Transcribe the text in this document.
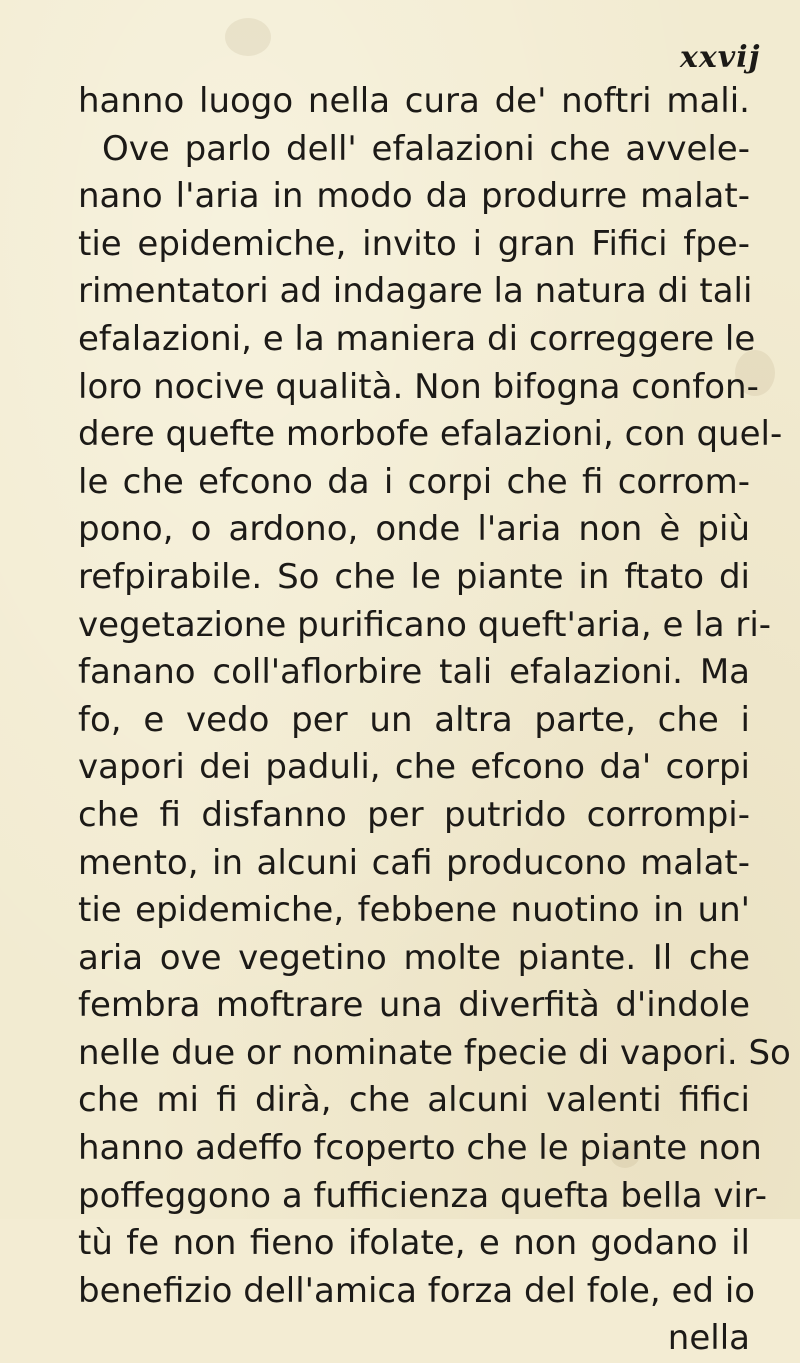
xxvij
hanno luogo nella cura de' noftri mali.
Ove parlo dell' efalazioni che avvele-
nano l'aria in modo da produrre malat-
tie epidemiche, invito i gran Fifici fpe-
rimentatori ad indagare la natura di tali
efalazioni, e la maniera di correggere le
loro nocive qualità. Non bifogna confon-
dere quefte morbofe efalazioni, con quel-
le che efcono da i corpi che fi corrom-
pono, o ardono, onde l'aria non è più
refpirabile. So che le piante in ftato di
vegetazione purificano queft'aria, e la ri-
fanano coll'aflorbire tali efalazioni. Ma
fo, e vedo per un altra parte, che i
vapori dei paduli, che efcono da' corpi
che fi disfanno per putrido corrompi-
mento, in alcuni cafi producono malat-
tie epidemiche, febbene nuotino in un'
aria ove vegetino molte piante. Il che
fembra moftrare una diverfità d'indole
nelle due or nominate fpecie di vapori. So
che mi fi dirà, che alcuni valenti fifici
hanno adeffo fcoperto che le piante non
poffeggono a fufficienza quefta bella vir-
tù fe non fieno ifolate, e non godano il
benefizio dell'amica forza del fole, ed io
nella
